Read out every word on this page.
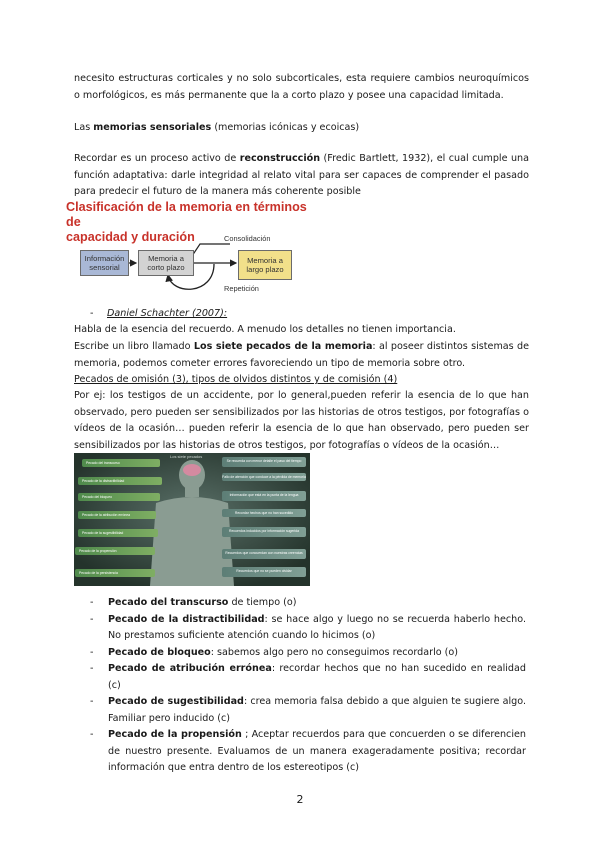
necesito estructuras corticales y no solo subcorticales, esta requiere cambios neuroquímicos o morfológicos, es más permanente que la a corto plazo y posee una capacidad limitada.

Las memorias sensoriales (memorias icónicas y ecoicas)

Recordar es un proceso activo de reconstrucción (Fredic Bartlett, 1932), el cual cumple una función adaptativa: darle integridad al relato vital para ser capaces de comprender el pasado para predecir el futuro de la manera más coherente posible

Clasificación de la memoria en términos de
capacidad y duración
Información sensorial
Memoria a corto plazo
Memoria a largo plazo
Consolidación
Repetición
- Daniel Schachter (2007):

Habla de la esencia del recuerdo. A menudo los detalles no tienen importancia.

Escribe un libro llamado Los siete pecados de la memoria: al poseer distintos sistemas de memoria, podemos cometer errores favoreciendo un tipo de memoria sobre otro.

Pecados de omisión (3), tipos de olvidos distintos y de comisión (4)

Por ej: los testigos de un accidente, por lo general,pueden referir la esencia de lo que han observado, pero pueden ser sensibilizados por las historias de otros testigos, por fotografías o vídeos de la ocasión… pueden referir la esencia de lo que han observado, pero pueden ser sensibilizados por las historias de otros testigos, por fotografías o vídeos de la ocasión…

Los siete pecados
Pecado del transcurso
Pecado de la distractibilidad
Pecado del bloqueo
Pecado de la atribución errónea
Pecado de la sugestibilidad
Pecado de la propensión
Pecado de la persistencia
Se recuerda con menor detalle el paso del tiempo
Fallo de atención que conduce a la pérdida de memoria
Información que está en la punta de la lengua
Recordar hechos que no han sucedido
Recuerdos inducidos por información sugerida
Recuerdos que concuerdan con nuestras creencias
Recuerdos que no se pueden olvidar
- Pecado del transcurso de tiempo (o)
- Pecado de la distractibilidad: se hace algo y luego no se recuerda haberlo hecho. No prestamos suficiente atención cuando lo hicimos (o)
- Pecado de bloqueo: sabemos algo pero no conseguimos recordarlo (o)
- Pecado de atribución errónea: recordar hechos que no han sucedido en realidad (c)
- Pecado de sugestibilidad: crea memoria falsa debido a que alguien te sugiere algo. Familiar pero inducido (c)
- Pecado de la propensión ; Aceptar recuerdos para que concuerden o se diferencien de nuestro presente. Evaluamos de un manera exageradamente positiva; recordar información que entra dentro de los estereotipos (c)
2
